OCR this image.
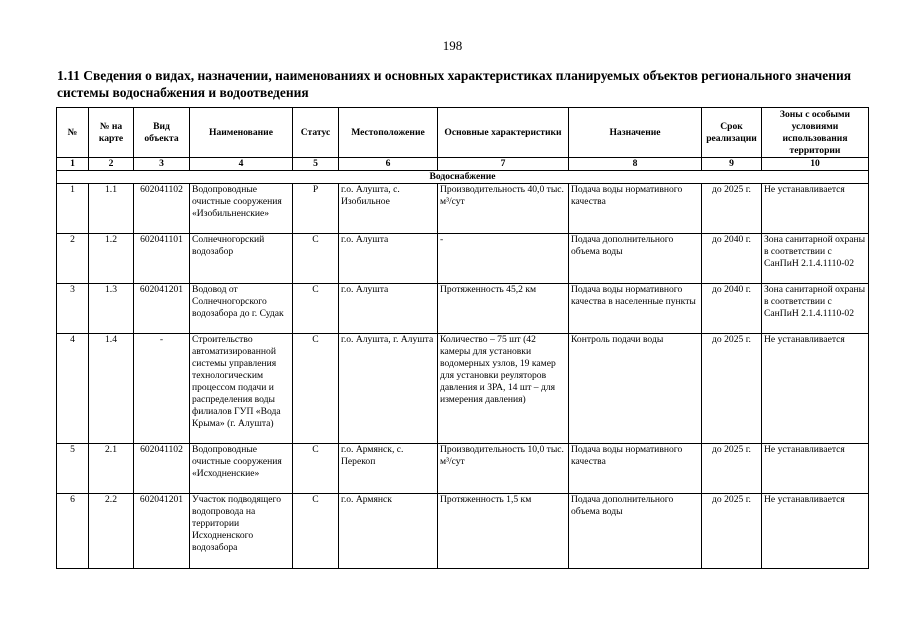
198
1.11 Сведения о видах, назначении, наименованиях и основных характеристиках планируемых объектов регионального значения системы водоснабжения и водоотведения
№	№ на карте	Вид объекта	Наименование	Статус	Местоположение	Основные характеристики	Назначение	Срок реализации	Зоны с особыми условиями использования территории
1	2	3	4	5	6	7	8	9	10
Водоснабжение									
1	1.1	602041102	Водопроводные очистные сооружения «Изобильненские»	Р	г.о. Алушта, с. Изобильное	Производительность 40,0 тыс. м³/сут	Подача воды нормативного качества	до 2025 г.	Не устанавливается
2	1.2	602041101	Солнечногорский водозабор	С	г.о. Алушта	-	Подача дополнительного объема воды	до 2040 г.	Зона санитарной охраны в соответствии с СанПиН 2.1.4.1110-02
3	1.3	602041201	Водовод от Солнечногорского водозабора до г. Судак	С	г.о. Алушта	Протяженность 45,2 км	Подача воды нормативного качества в населенные пункты	до 2040 г.	Зона санитарной охраны в соответствии с СанПиН 2.1.4.1110-02
4	1.4	-	Строительство автоматизированной системы управления технологическим процессом подачи и распределения воды филиалов ГУП «Вода Крыма» (г. Алушта)	С	г.о. Алушта, г. Алушта	Количество – 75 шт (42 камеры для установки водомерных узлов, 19 камер для установки реуляторов давления и ЗРА, 14 шт – для измерения давления)	Контроль подачи воды	до 2025 г.	Не устанавливается
5	2.1	602041102	Водопроводные очистные сооружения «Исходненские»	С	г.о. Армянск, с. Перекоп	Производительность 10,0 тыс. м³/сут	Подача воды нормативного качества	до 2025 г.	Не устанавливается
6	2.2	602041201	Участок подводящего водопровода на территории Исходненского водозабора	С	г.о. Армянск	Протяженность 1,5 км	Подача дополнительного объема воды	до 2025 г.	Не устанавливается
